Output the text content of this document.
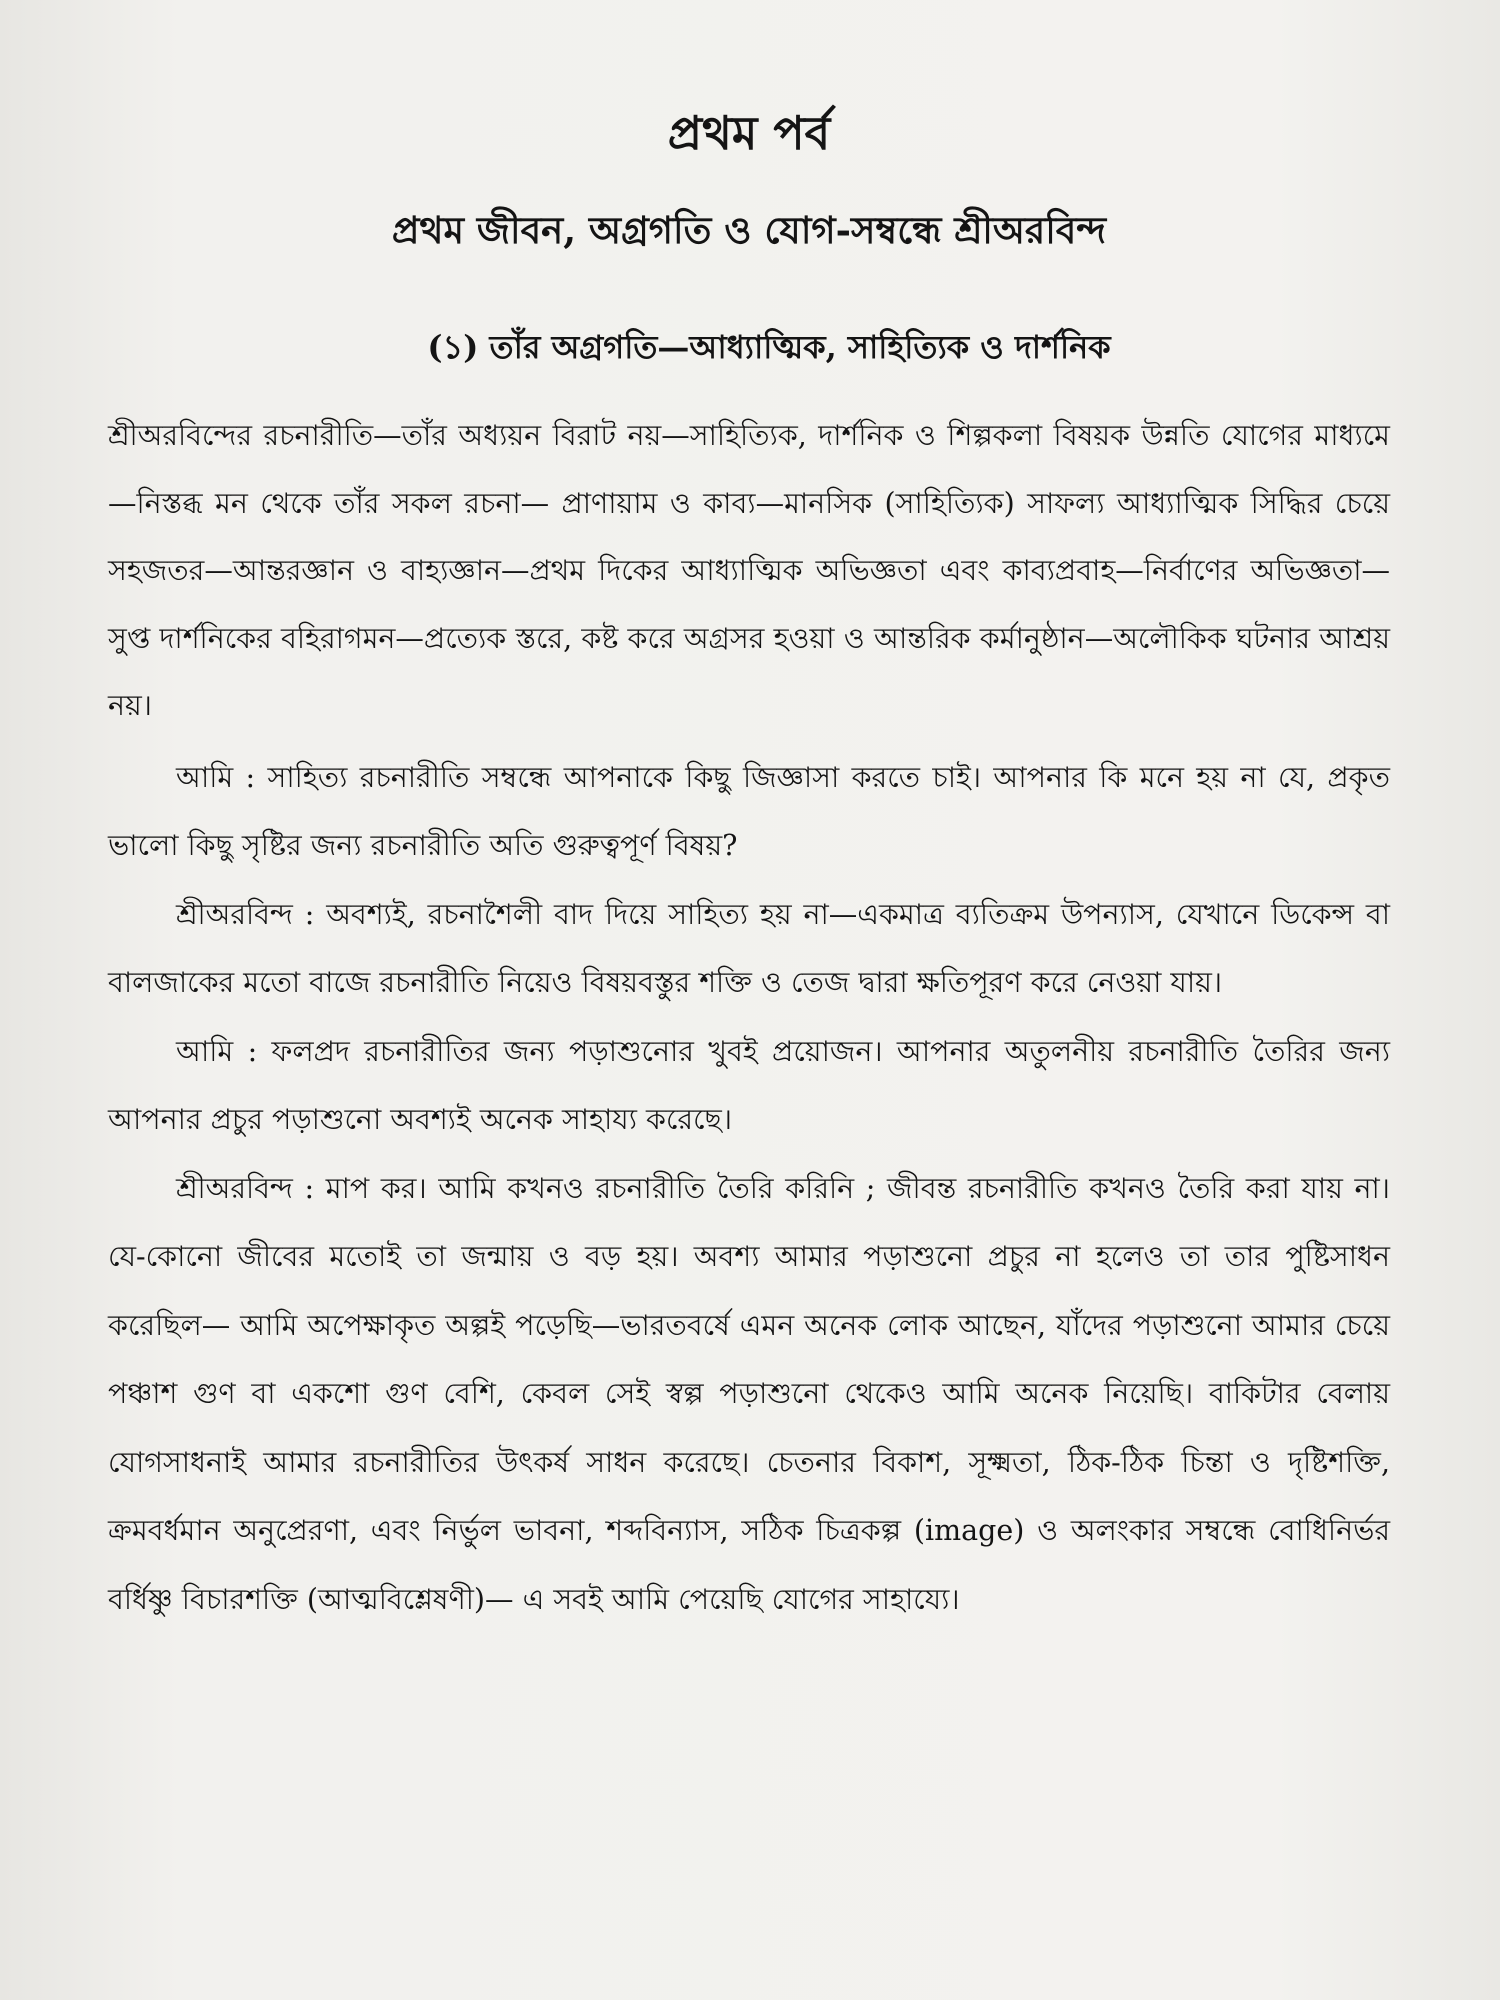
প্রথম পর্ব
প্রথম জীবন, অগ্রগতি ও যোগ-সম্বন্ধে শ্রীঅরবিন্দ
(১) তাঁর অগ্রগতি—আধ্যাত্মিক, সাহিত্যিক ও দার্শনিক

শ্রীঅরবিন্দের রচনারীতি—তাঁর অধ্যয়ন বিরাট নয়—সাহিত্যিক, দার্শনিক ও শিল্পকলা বিষয়ক উন্নতি যোগের মাধ্যমে—নিস্তব্ধ মন থেকে তাঁর সকল রচনা— প্রাণায়াম ও কাব্য—মানসিক (সাহিত্যিক) সাফল্য আধ্যাত্মিক সিদ্ধির চেয়ে সহজতর—আন্তরজ্ঞান ও বাহ্যজ্ঞান—প্রথম দিকের আধ্যাত্মিক অভিজ্ঞতা এবং কাব্যপ্রবাহ—নির্বাণের অভিজ্ঞতা—সুপ্ত দার্শনিকের বহিরাগমন—প্রত্যেক স্তরে, কষ্ট করে অগ্রসর হওয়া ও আন্তরিক কর্মানুষ্ঠান—অলৌকিক ঘটনার আশ্রয় নয়।

আমি : সাহিত্য রচনারীতি সম্বন্ধে আপনাকে কিছু জিজ্ঞাসা করতে চাই। আপনার কি মনে হয় না যে, প্রকৃত ভালো কিছু সৃষ্টির জন্য রচনারীতি অতি গুরুত্বপূর্ণ বিষয়?

শ্রীঅরবিন্দ : অবশ্যই, রচনাশৈলী বাদ দিয়ে সাহিত্য হয় না—একমাত্র ব্যতিক্রম উপন্যাস, যেখানে ডিকেন্স বা বালজাকের মতো বাজে রচনারীতি নিয়েও বিষয়বস্তুর শক্তি ও তেজ দ্বারা ক্ষতিপূরণ করে নেওয়া যায়।

আমি : ফলপ্রদ রচনারীতির জন্য পড়াশুনোর খুবই প্রয়োজন। আপনার অতুলনীয় রচনারীতি তৈরির জন্য আপনার প্রচুর পড়াশুনো অবশ্যই অনেক সাহায্য করেছে।

শ্রীঅরবিন্দ : মাপ কর। আমি কখনও রচনারীতি তৈরি করিনি ; জীবন্ত রচনারীতি কখনও তৈরি করা যায় না। যে-কোনো জীবের মতোই তা জন্মায় ও বড় হয়। অবশ্য আমার পড়াশুনো প্রচুর না হলেও তা তার পুষ্টিসাধন করেছিল— আমি অপেক্ষাকৃত অল্পই পড়েছি—ভারতবর্ষে এমন অনেক লোক আছেন, যাঁদের পড়াশুনো আমার চেয়ে পঞ্চাশ গুণ বা একশো গুণ বেশি, কেবল সেই স্বল্প পড়াশুনো থেকেও আমি অনেক নিয়েছি। বাকিটার বেলায় যোগসাধনাই আমার রচনারীতির উৎকর্ষ সাধন করেছে। চেতনার বিকাশ, সূক্ষ্মতা, ঠিক-ঠিক চিন্তা ও দৃষ্টিশক্তি, ক্রমবর্ধমান অনুপ্রেরণা, এবং নির্ভুল ভাবনা, শব্দবিন্যাস, সঠিক চিত্রকল্প (image) ও অলংকার সম্বন্ধে বোধিনির্ভর বর্ধিষ্ণু বিচারশক্তি (আত্মবিশ্লেষণী)— এ সবই আমি পেয়েছি যোগের সাহায্যে।
